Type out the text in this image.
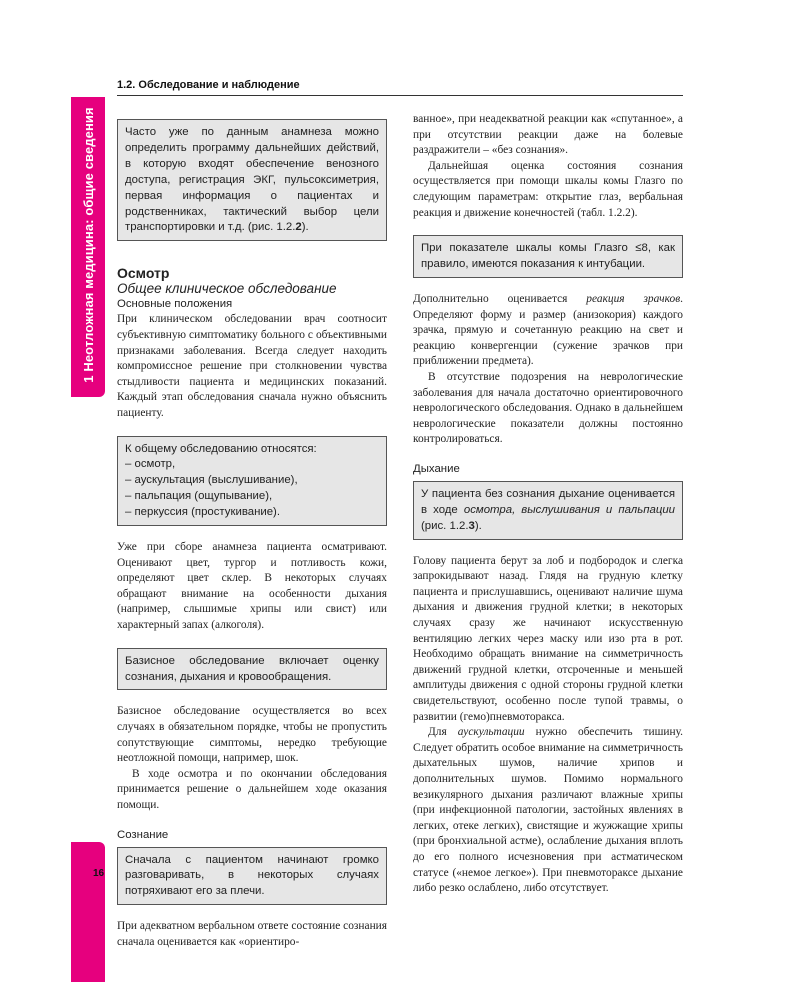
1.2. Обследование и наблюдение
1 Неотложная медицина: общие сведения
16
Часто уже по данным анамнеза можно определить программу дальнейших действий, в которую входят обеспечение венозного доступа, регистрация ЭКГ, пульсоксиметрия, первая информация о пациентах и родственниках, тактический выбор цели транспортировки и т.д. (рис. 1.2.2).

Осмотр

Общее клиническое обследование

Основные положения

При клиническом обследовании врач соотносит субъективную симптоматику больного с объективными признаками заболевания. Всегда следует находить компромиссное решение при столкновении чувства стыдливости пациента и медицинских показаний. Каждый этап обследования сначала нужно объяснить пациенту.

К общему обследованию относятся:
– осмотр,
– аускультация (выслушивание),
– пальпация (ощупывание),
– перкуссия (простукивание).

Уже при сборе анамнеза пациента осматривают. Оценивают цвет, тургор и потливость кожи, определяют цвет склер. В некоторых случаях обращают внимание на особенности дыхания (например, слышимые хрипы или свист) или характерный запах (алкоголя).

Базисное обследование включает оценку сознания, дыхания и кровообращения.

Базисное обследование осуществляется во всех случаях в обязательном порядке, чтобы не пропустить сопутствующие симптомы, нередко требующие неотложной помощи, например, шок.

В ходе осмотра и по окончании обследования принимается решение о дальнейшем ходе оказания помощи.

Сознание

Сначала с пациентом начинают громко разговаривать, в некоторых случаях потряхивают его за плечи.

При адекватном вербальном ответе состояние сознания сначала оценивается как «ориентиро-

ванное», при неадекватной реакции как «спутанное», а при отсутствии реакции даже на болевые раздражители – «без сознания».

Дальнейшая оценка состояния сознания осуществляется при помощи шкалы комы Глазго по следующим параметрам: открытие глаз, вербальная реакция и движение конечностей (табл. 1.2.2).

При показателе шкалы комы Глазго ≤8, как правило, имеются показания к интубации.

Дополнительно оценивается реакция зрачков. Определяют форму и размер (анизокория) каждого зрачка, прямую и сочетанную реакцию на свет и реакцию конвергенции (сужение зрачков при приближении предмета).

В отсутствие подозрения на неврологические заболевания для начала достаточно ориентировочного неврологического обследования. Однако в дальнейшем неврологические показатели должны постоянно контролироваться.

Дыхание

У пациента без сознания дыхание оценивается в ходе осмотра, выслушивания и пальпации (рис. 1.2.3).

Голову пациента берут за лоб и подбородок и слегка запрокидывают назад. Глядя на грудную клетку пациента и прислушавшись, оценивают наличие шума дыхания и движения грудной клетки; в некоторых случаях сразу же начинают искусственную вентиляцию легких через маску или изо рта в рот. Необходимо обращать внимание на симметричность движений грудной клетки, отсроченные и меньшей амплитуды движения с одной стороны грудной клетки свидетельствуют, особенно после тупой травмы, о развитии (гемо)пневмоторакса.

Для аускультации нужно обеспечить тишину. Следует обратить особое внимание на симметричность дыхательных шумов, наличие хрипов и дополнительных шумов. Помимо нормального везикулярного дыхания различают влажные хрипы (при инфекционной патологии, застойных явлениях в легких, отеке легких), свистящие и жужжащие хрипы (при бронхиальной астме), ослабление дыхания вплоть до его полного исчезновения при астматическом статусе («немое легкое»). При пневмотораксе дыхание либо резко ослаблено, либо отсутствует.
